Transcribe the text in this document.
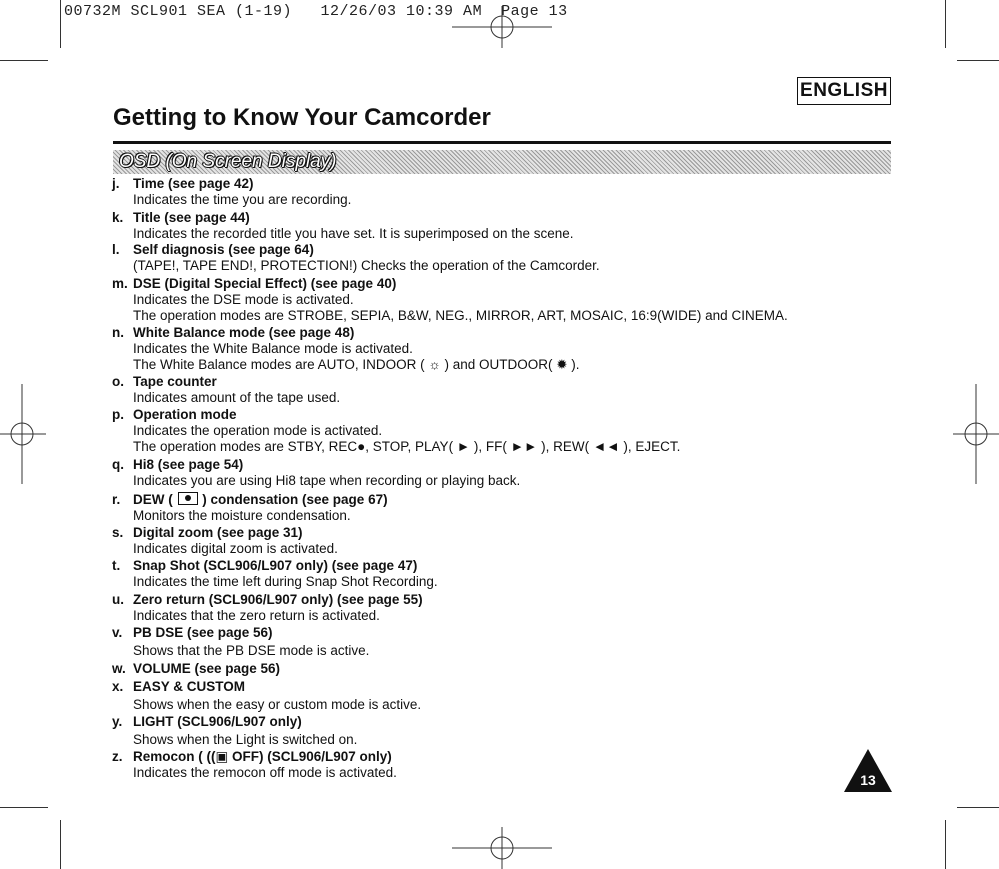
00732M SCL901 SEA (1-19)   12/26/03 10:39 AM  Page 13
ENGLISH
Getting to Know Your Camcorder
OSD (On Screen Display)
j. Time (see page 42)
Indicates the time you are recording.
k. Title (see page 44)
Indicates the recorded title you have set. It is superimposed on the scene.
l. Self diagnosis (see page 64)
(TAPE!, TAPE END!, PROTECTION!) Checks the operation of the Camcorder.
m. DSE (Digital Special Effect) (see page 40)
Indicates the DSE mode is activated.
The operation modes are STROBE, SEPIA, B&W, NEG., MIRROR, ART, MOSAIC, 16:9(WIDE) and CINEMA.
n. White Balance mode (see page 48)
Indicates the White Balance mode is activated.
The White Balance modes are AUTO, INDOOR ( ☼ ) and OUTDOOR( ✹ ).
o. Tape counter
Indicates amount of the tape used.
p. Operation mode
Indicates the operation mode is activated.
The operation modes are STBY, REC●, STOP, PLAY( ► ), FF( ►► ), REW( ◄◄ ), EJECT.
q. Hi8 (see page 54)
Indicates you are using Hi8 tape when recording or playing back.
r. DEW ( ) condensation (see page 67)
Monitors the moisture condensation.
s. Digital zoom (see page 31)
Indicates digital zoom is activated.
t. Snap Shot (SCL906/L907 only) (see page 47)
Indicates the time left during Snap Shot Recording.
u. Zero return (SCL906/L907 only) (see page 55)
Indicates that the zero return is activated.
v. PB DSE (see page 56)
Shows that the PB DSE mode is active.
w. VOLUME (see page 56)
x. EASY & CUSTOM
Shows when the easy or custom mode is active.
y. LIGHT (SCL906/L907 only)
Shows when the Light is switched on.
z. Remocon ( ((▣ OFF) (SCL906/L907 only)
Indicates the remocon off mode is activated.	13
